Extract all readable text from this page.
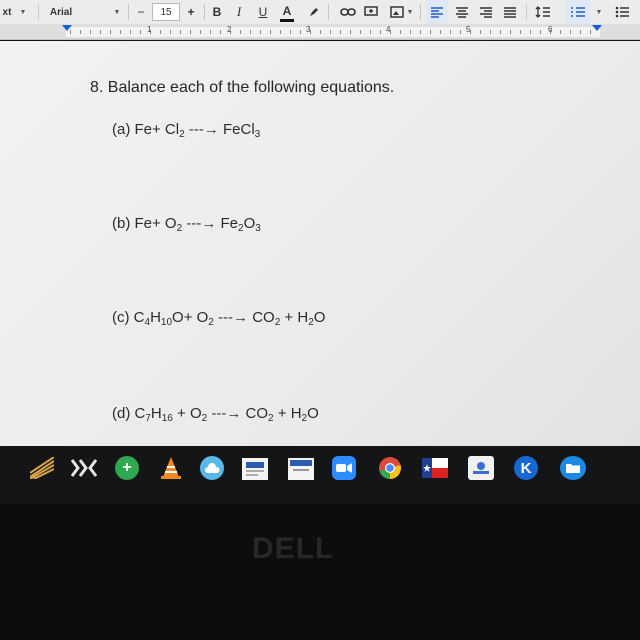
xt ▼ Arial	▼ −	15 + B	I	U A	▼	▼
1	2	3	4	5	6
8. Balance each of the following equations.
(a) $Fe+ Cl_2$ ---→ FeCl$_3$
(b) $Fe+ O_2$ ---→ $Fe_2O_3$
(c) $C_4H_{10}O+ O_2$ ---→ $CO_2 + H_2O$
(d) $C_7H_{16} + O_2$ ---→ $CO_2 + H_2O$
+	K
DELL
